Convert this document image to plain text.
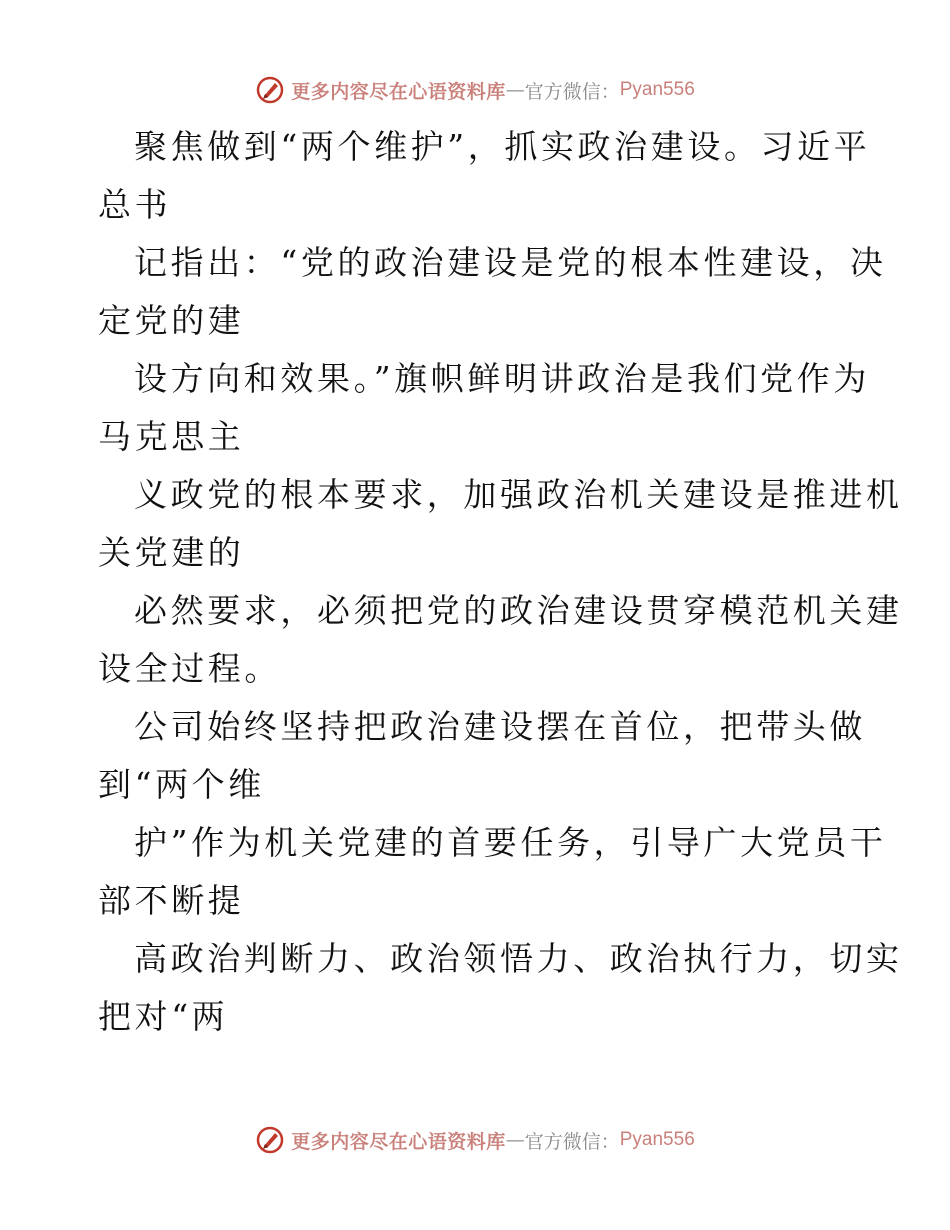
更多内容尽在心语资料库 — 官方微信： Pyan556
聚焦做到“两个维护”，抓实政治建设。习近平
总书
记指出：“党的政治建设是党的根本性建设，决
定党的建
设方向和效果。”旗帜鲜明讲政治是我们党作为
马克思主
义政党的根本要求，加强政治机关建设是推进机
关党建的
必然要求，必须把党的政治建设贯穿模范机关建
设全过程。
公司始终坚持把政治建设摆在首位，把带头做
到“两个维
护”作为机关党建的首要任务，引导广大党员干
部不断提
高政治判断力、政治领悟力、政治执行力，切实
把对“两
更多内容尽在心语资料库 — 官方微信： Pyan556
